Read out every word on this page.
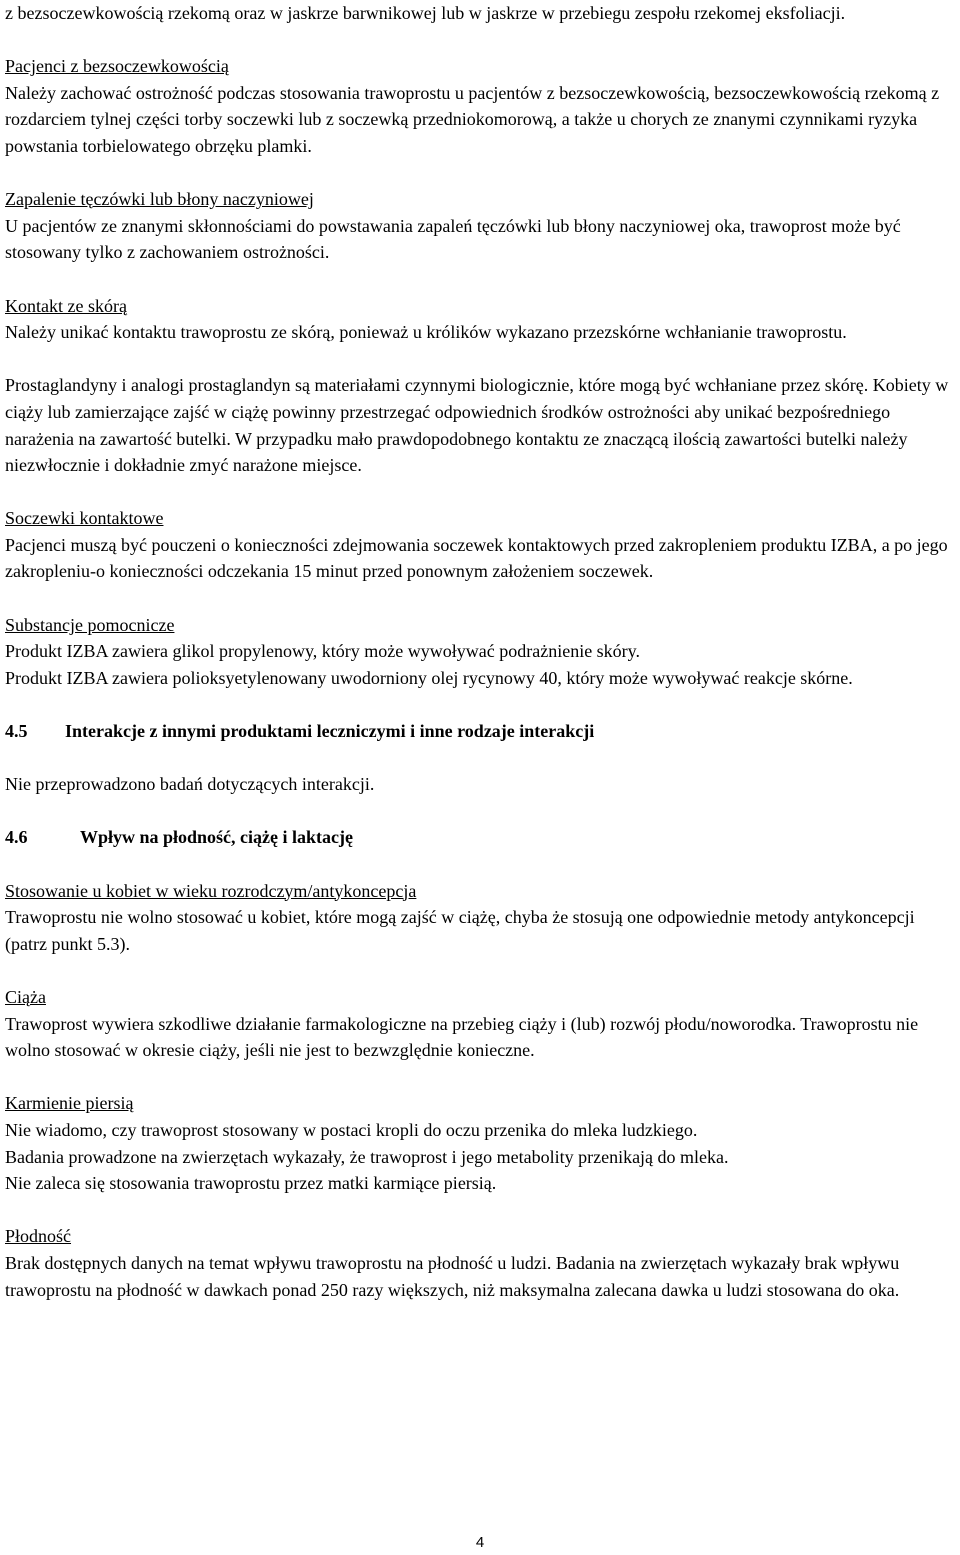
z bezsoczewkowością rzekomą oraz w jaskrze barwnikowej lub w jaskrze w przebiegu zespołu rzekomej eksfoliacji.

Pacjenci z bezsoczewkowością

Należy zachować ostrożność podczas stosowania trawoprostu u pacjentów z bezsoczewkowością, bezsoczewkowością rzekomą z rozdarciem tylnej części torby soczewki lub z soczewką przedniokomorową, a także u chorych ze znanymi czynnikami ryzyka powstania torbielowatego obrzęku plamki.

Zapalenie tęczówki lub błony naczyniowej

U pacjentów ze znanymi skłonnościami do powstawania zapaleń tęczówki lub błony naczyniowej oka, trawoprost może być stosowany tylko z zachowaniem ostrożności.

Kontakt ze skórą

Należy unikać kontaktu trawoprostu ze skórą, ponieważ u królików wykazano przezskórne wchłanianie trawoprostu.

Prostaglandyny i analogi prostaglandyn są materiałami czynnymi biologicznie, które mogą być wchłaniane przez skórę. Kobiety w ciąży lub zamierzające zajść w ciążę powinny przestrzegać odpowiednich środków ostrożności aby unikać bezpośredniego narażenia na zawartość butelki. W przypadku mało prawdopodobnego kontaktu ze znaczącą ilością zawartości butelki należy niezwłocznie i dokładnie zmyć narażone miejsce.

Soczewki kontaktowe

Pacjenci muszą być pouczeni o konieczności zdejmowania soczewek kontaktowych przed zakropleniem produktu IZBA, a po jego zakropleniu-o konieczności odczekania 15 minut przed ponownym założeniem soczewek.

Substancje pomocnicze

Produkt IZBA zawiera glikol propylenowy, który może wywoływać podrażnienie skóry.

Produkt IZBA zawiera polioksyetylenowany uwodorniony olej rycynowy 40, który może wywoływać reakcje skórne.

4.5	Interakcje z innymi produktami leczniczymi i inne rodzaje interakcji

Nie przeprowadzono badań dotyczących interakcji.

4.6	Wpływ na płodność, ciążę i laktację
Stosowanie u kobiet w wieku rozrodczym/antykoncepcja

Trawoprostu nie wolno stosować u kobiet, które mogą zajść w ciążę, chyba że stosują one odpowiednie metody antykoncepcji (patrz punkt 5.3).

Ciąża

Trawoprost wywiera szkodliwe działanie farmakologiczne na przebieg ciąży i (lub) rozwój płodu/noworodka. Trawoprostu nie wolno stosować w okresie ciąży, jeśli nie jest to bezwzględnie konieczne.

Karmienie piersią

Nie wiadomo, czy trawoprost stosowany w postaci kropli do oczu przenika do mleka ludzkiego.

Badania prowadzone na zwierzętach wykazały, że trawoprost i jego metabolity przenikają do mleka.

Nie zaleca się stosowania trawoprostu przez matki karmiące piersią.

Płodność

Brak dostępnych danych na temat wpływu trawoprostu na płodność u ludzi. Badania na zwierzętach wykazały brak wpływu trawoprostu na płodność w dawkach ponad 250 razy większych, niż maksymalna zalecana dawka u ludzi stosowana do oka.

4
